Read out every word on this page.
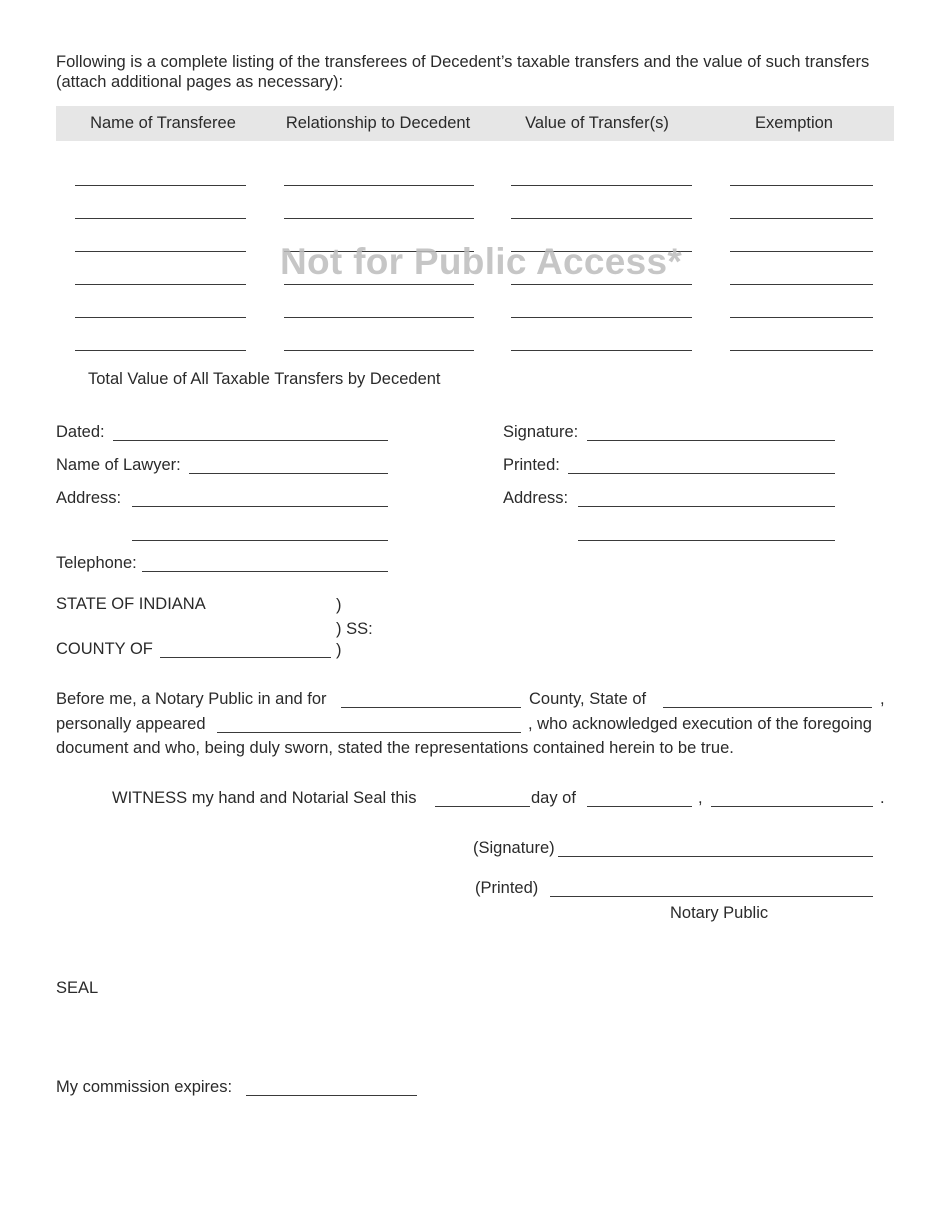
Following is a complete listing of the transferees of Decedent’s taxable transfers and the value of such transfers (attach additional pages as necessary):
Name of Transferee	Relationship to Decedent	Value of Transfer(s)	Exemption
Not for Public Access*
Total Value of All Taxable Transfers by Decedent
Dated:
Name of Lawyer:
Address:
Telephone:
Signature:
Printed:
Address:
STATE OF INDIANA	)
) SS:
COUNTY OF	)
Before me, a Notary Public in and for	County, State of	,
personally appeared	, who acknowledged execution of the foregoing
document and who, being duly sworn, stated the representations contained herein to be true.
WITNESS my hand and Notarial Seal this	day of	,	.
(Signature)
(Printed)
Notary Public
SEAL
My commission expires:
